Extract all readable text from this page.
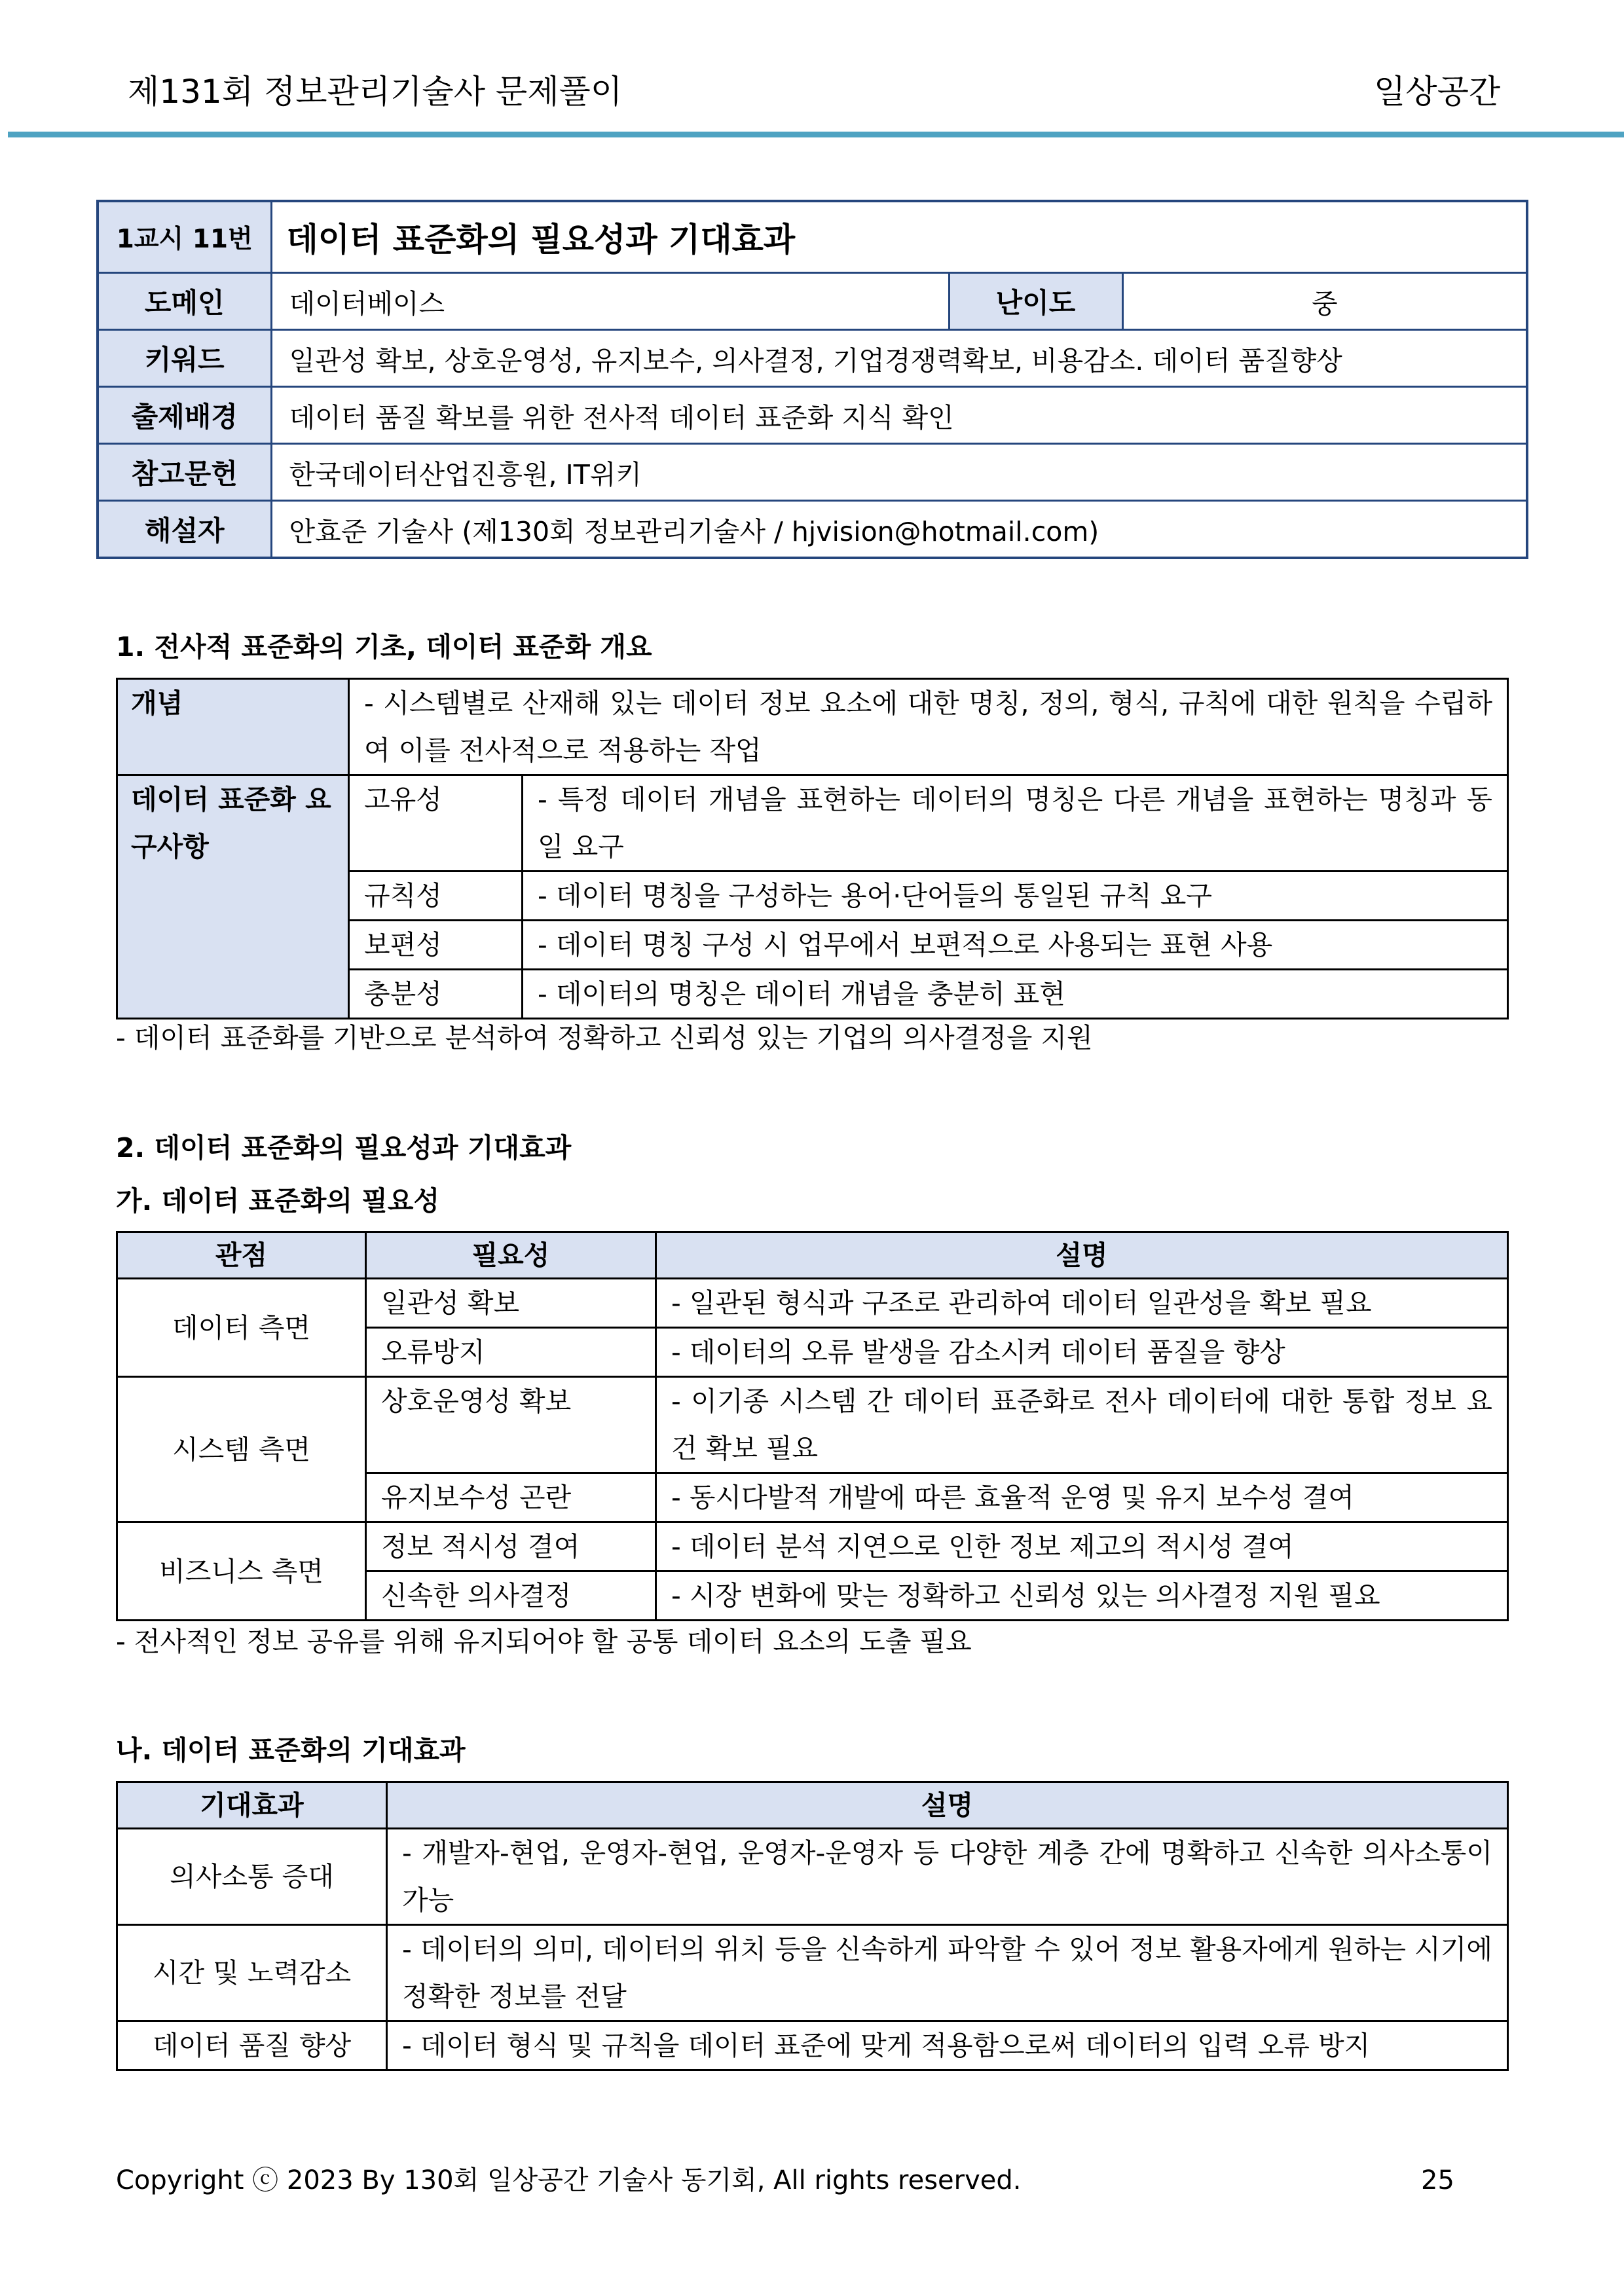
제131회 정보관리기술사 문제풀이	일상공간
1교시 11번	데이터 표준화의 필요성과 기대효과		
도메인	데이터베이스	난이도	중
키워드	일관성 확보, 상호운영성, 유지보수, 의사결정, 기업경쟁력확보, 비용감소. 데이터 품질향상		
출제배경	데이터 품질 확보를 위한 전사적 데이터 표준화 지식 확인		
참고문헌	한국데이터산업진흥원, IT위키		
해설자	안효준 기술사 (제130회 정보관리기술사 / hjvision@hotmail.com)		
1. 전사적 표준화의 기초, 데이터 표준화 개요
개념	- 시스템별로 산재해 있는 데이터 정보 요소에 대한 명칭, 정의, 형식, 규칙에 대한 원칙을 수립하여 이를 전사적으로 적용하는 작업	
데이터 표준화 요구사항	고유성	- 특정 데이터 개념을 표현하는 데이터의 명칭은 다른 개념을 표현하는 명칭과 동일 요구
	규칙성	- 데이터 명칭을 구성하는 용어·단어들의 통일된 규칙 요구
	보편성	- 데이터 명칭 구성 시 업무에서 보편적으로 사용되는 표현 사용
	충분성	- 데이터의 명칭은 데이터 개념을 충분히 표현
- 데이터 표준화를 기반으로 분석하여 정확하고 신뢰성 있는 기업의 의사결정을 지원
2. 데이터 표준화의 필요성과 기대효과
가. 데이터 표준화의 필요성
관점	필요성	설명
데이터 측면	일관성 확보	- 일관된 형식과 구조로 관리하여 데이터 일관성을 확보 필요
	오류방지	- 데이터의 오류 발생을 감소시켜 데이터 품질을 향상
시스템 측면	상호운영성 확보	- 이기종 시스템 간 데이터 표준화로 전사 데이터에 대한 통합 정보 요건 확보 필요
	유지보수성 곤란	- 동시다발적 개발에 따른 효율적 운영 및 유지 보수성 결여
비즈니스 측면	정보 적시성 결여	- 데이터 분석 지연으로 인한 정보 제고의 적시성 결여
	신속한 의사결정	- 시장 변화에 맞는 정확하고 신뢰성 있는 의사결정 지원 필요
- 전사적인 정보 공유를 위해 유지되어야 할 공통 데이터 요소의 도출 필요
나. 데이터 표준화의 기대효과
기대효과	설명
의사소통 증대	- 개발자-현업, 운영자-현업, 운영자-운영자 등 다양한 계층 간에 명확하고 신속한 의사소통이 가능
시간 및 노력감소	- 데이터의 의미, 데이터의 위치 등을 신속하게 파악할 수 있어 정보 활용자에게 원하는 시기에 정확한 정보를 전달
데이터 품질 향상	- 데이터 형식 및 규칙을 데이터 표준에 맞게 적용함으로써 데이터의 입력 오류 방지
Copyright ⓒ 2023 By 130회 일상공간 기술사 동기회, All rights reserved.	25
